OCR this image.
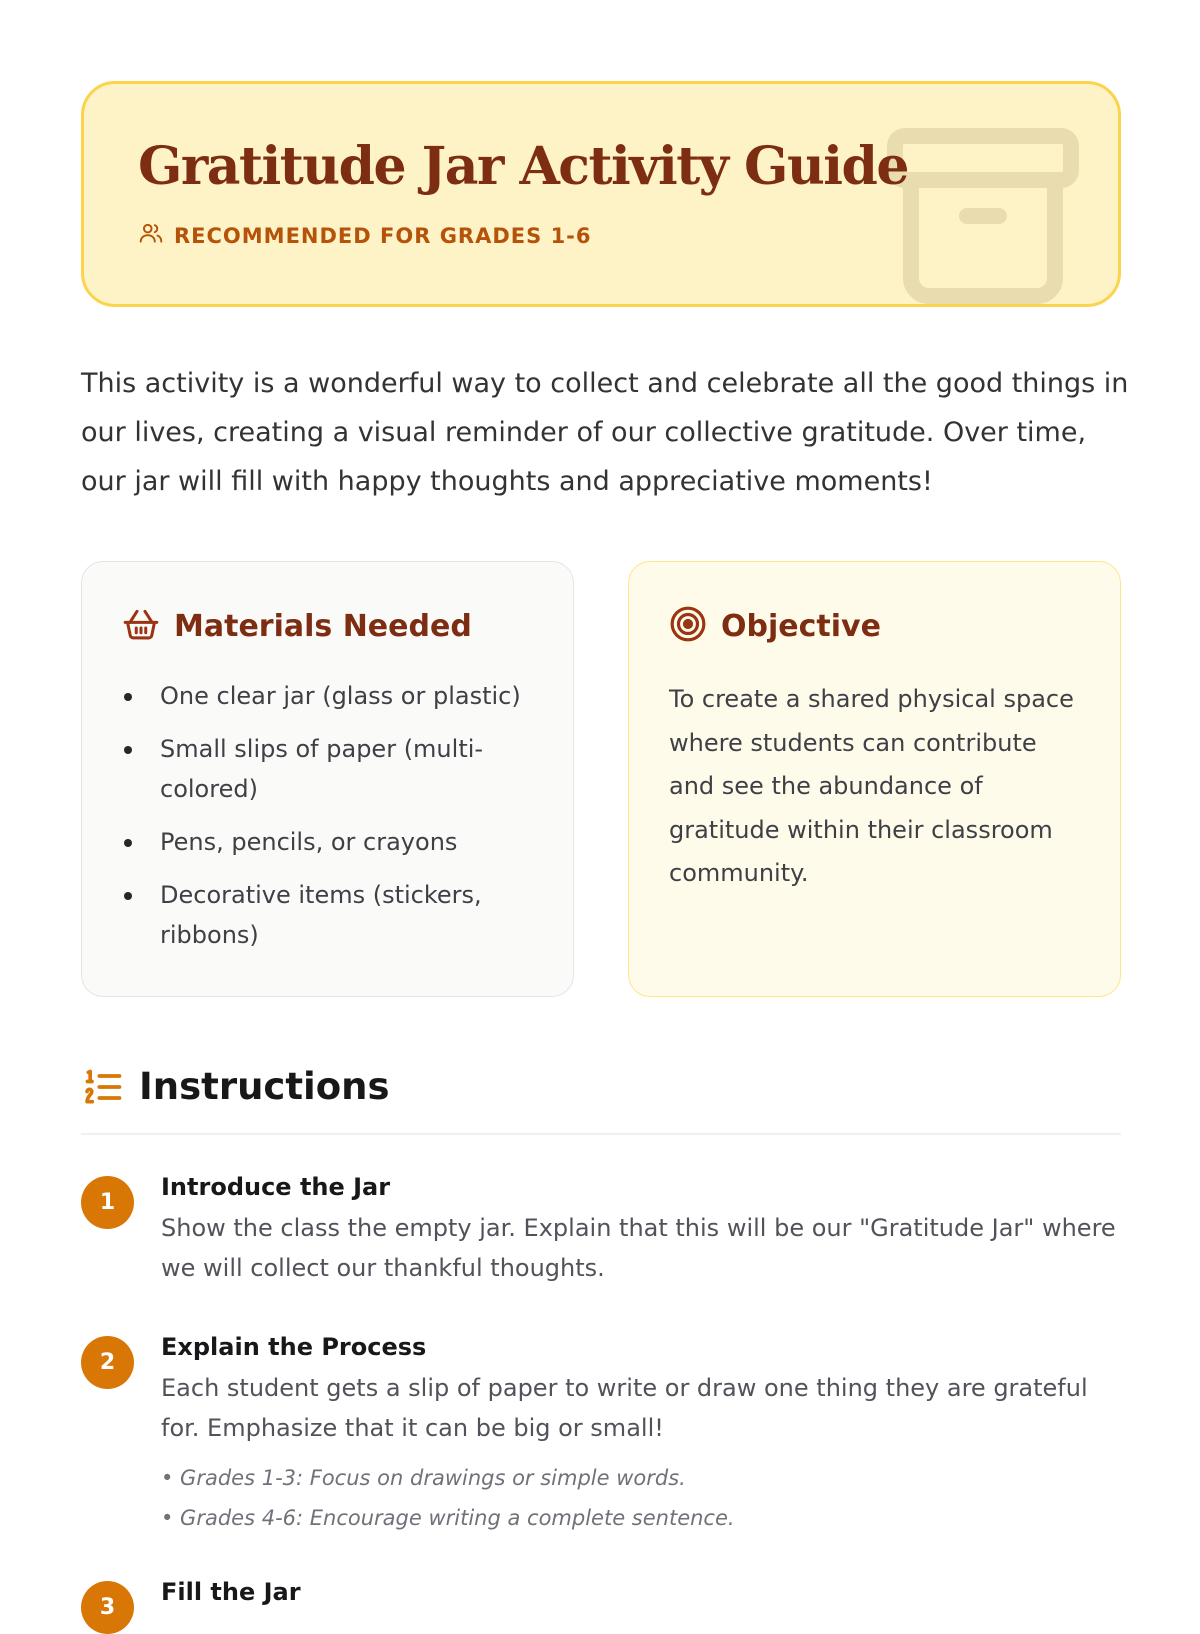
Gratitude Jar Activity Guide
RECOMMENDED FOR GRADES 1-6

This activity is a wonderful way to collect and celebrate all the good things in our lives, creating a visual reminder of our collective gratitude. Over time, our jar will fill with happy thoughts and appreciative moments!

Materials Needed
One clear jar (glass or plastic)
Small slips of paper (multi-colored)
Pens, pencils, or crayons
Decorative items (stickers, ribbons)
Objective

To create a shared physical space where students can contribute and see the abundance of gratitude within their classroom community.

Instructions
1
Introduce the Jar

Show the class the empty jar. Explain that this will be our "Gratitude Jar" where we will collect our thankful thoughts.

2
Explain the Process

Each student gets a slip of paper to write or draw one thing they are grateful for. Emphasize that it can be big or small!

• Grades 1-3: Focus on drawings or simple words.
• Grades 4-6: Encourage writing a complete sentence.
3
Fill the Jar
